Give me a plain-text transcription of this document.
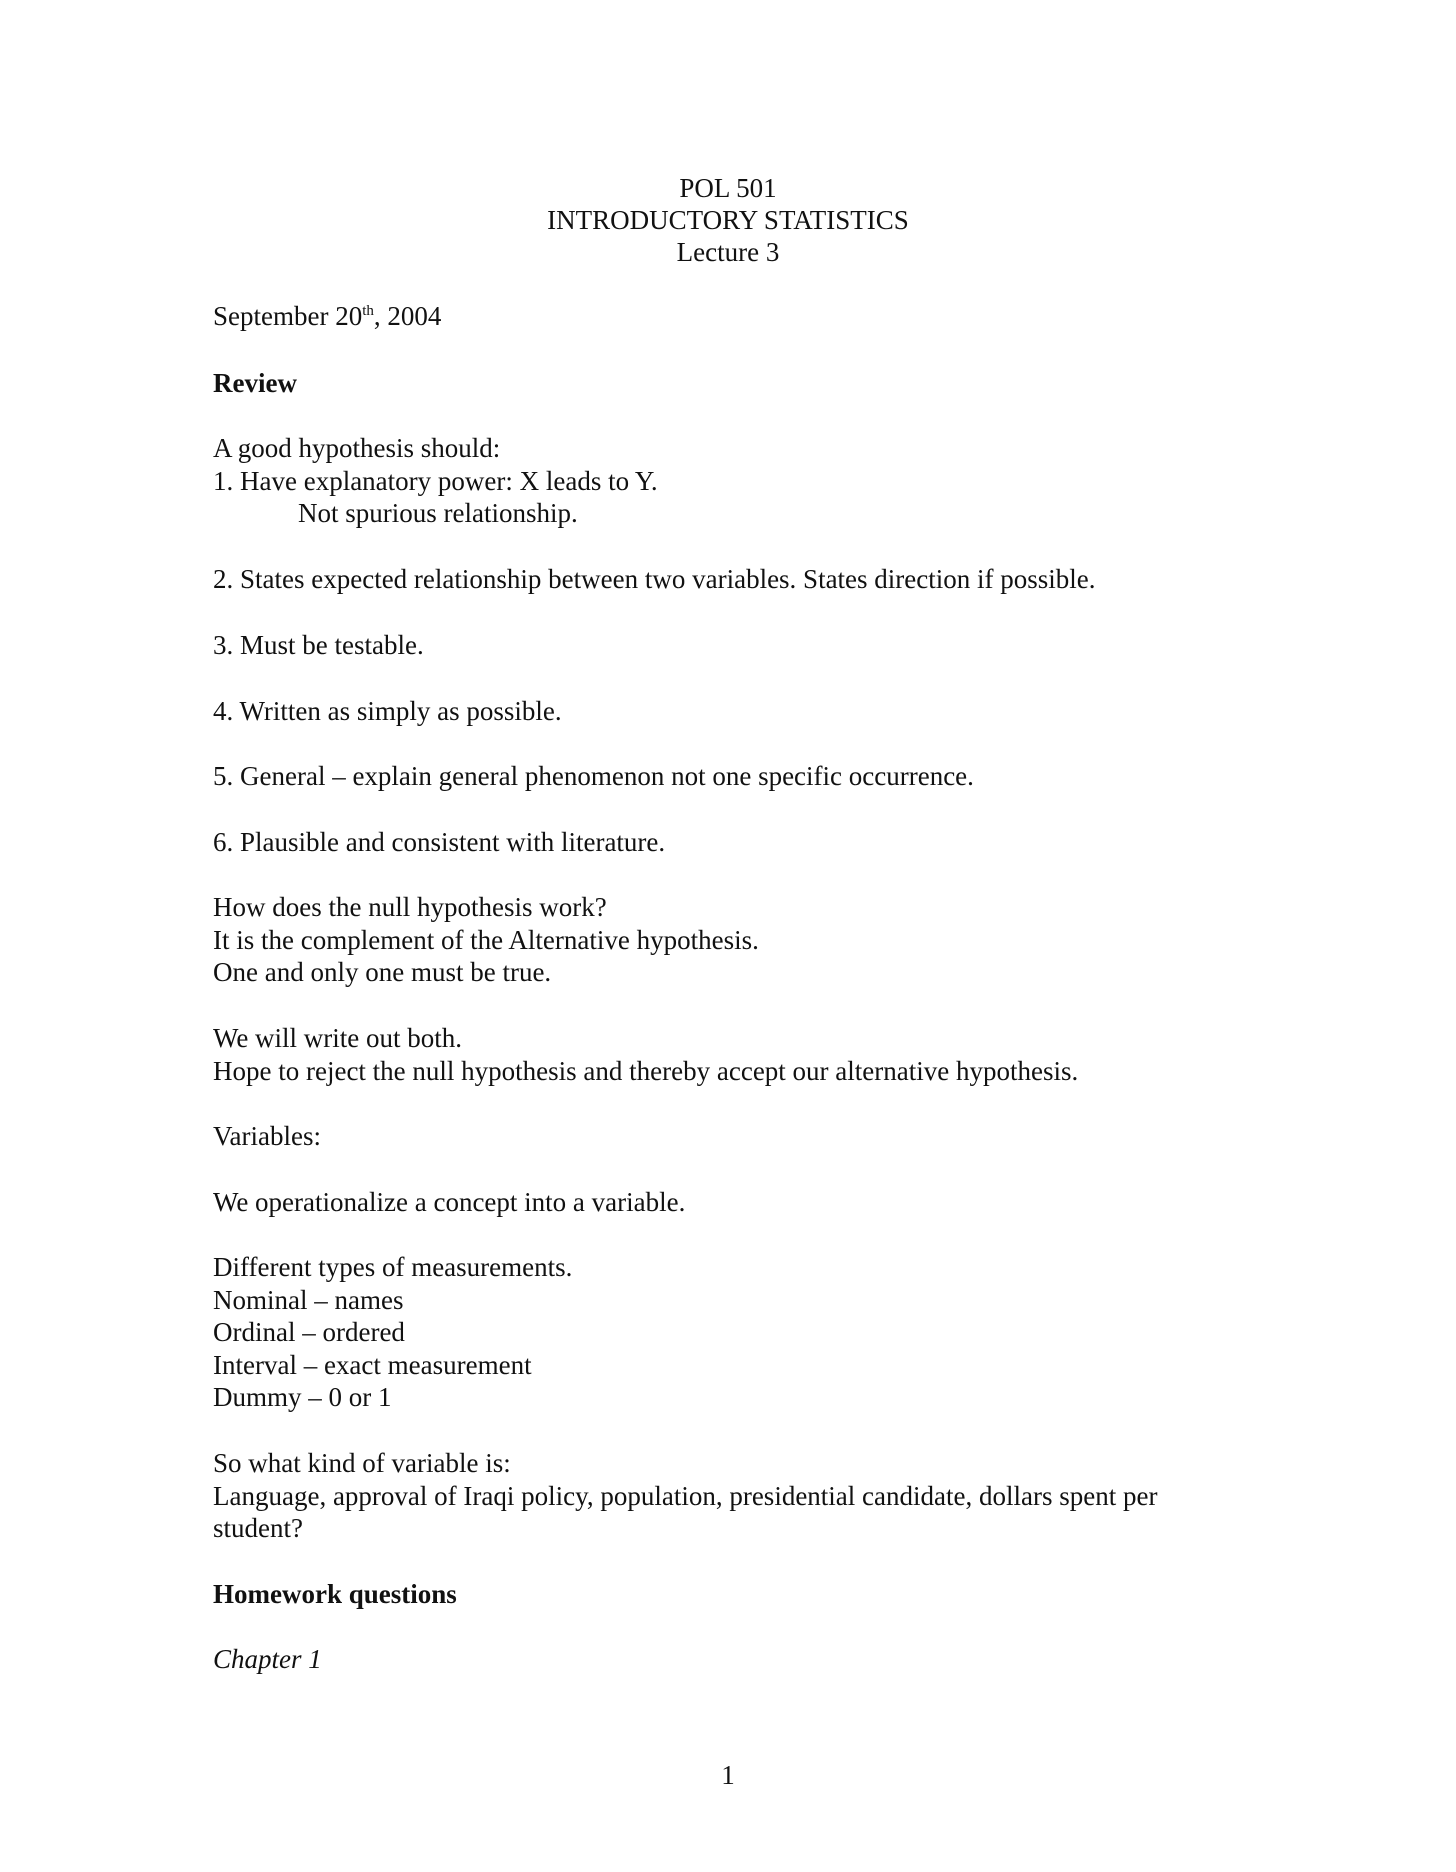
POL 501
INTRODUCTORY STATISTICS
Lecture 3
September 20th, 2004
Review
A good hypothesis should:
1. Have explanatory power: X leads to Y.
Not spurious relationship.
2. States expected relationship between two variables. States direction if possible.
3. Must be testable.
4. Written as simply as possible.
5. General – explain general phenomenon not one specific occurrence.
6. Plausible and consistent with literature.
How does the null hypothesis work?
It is the complement of the Alternative hypothesis.
One and only one must be true.
We will write out both.
Hope to reject the null hypothesis and thereby accept our alternative hypothesis.
Variables:
We operationalize a concept into a variable.
Different types of measurements.
Nominal – names
Ordinal – ordered
Interval – exact measurement
Dummy – 0 or 1
So what kind of variable is:
Language, approval of Iraqi policy, population, presidential candidate, dollars spent per
student?
Homework questions
Chapter 1
1
